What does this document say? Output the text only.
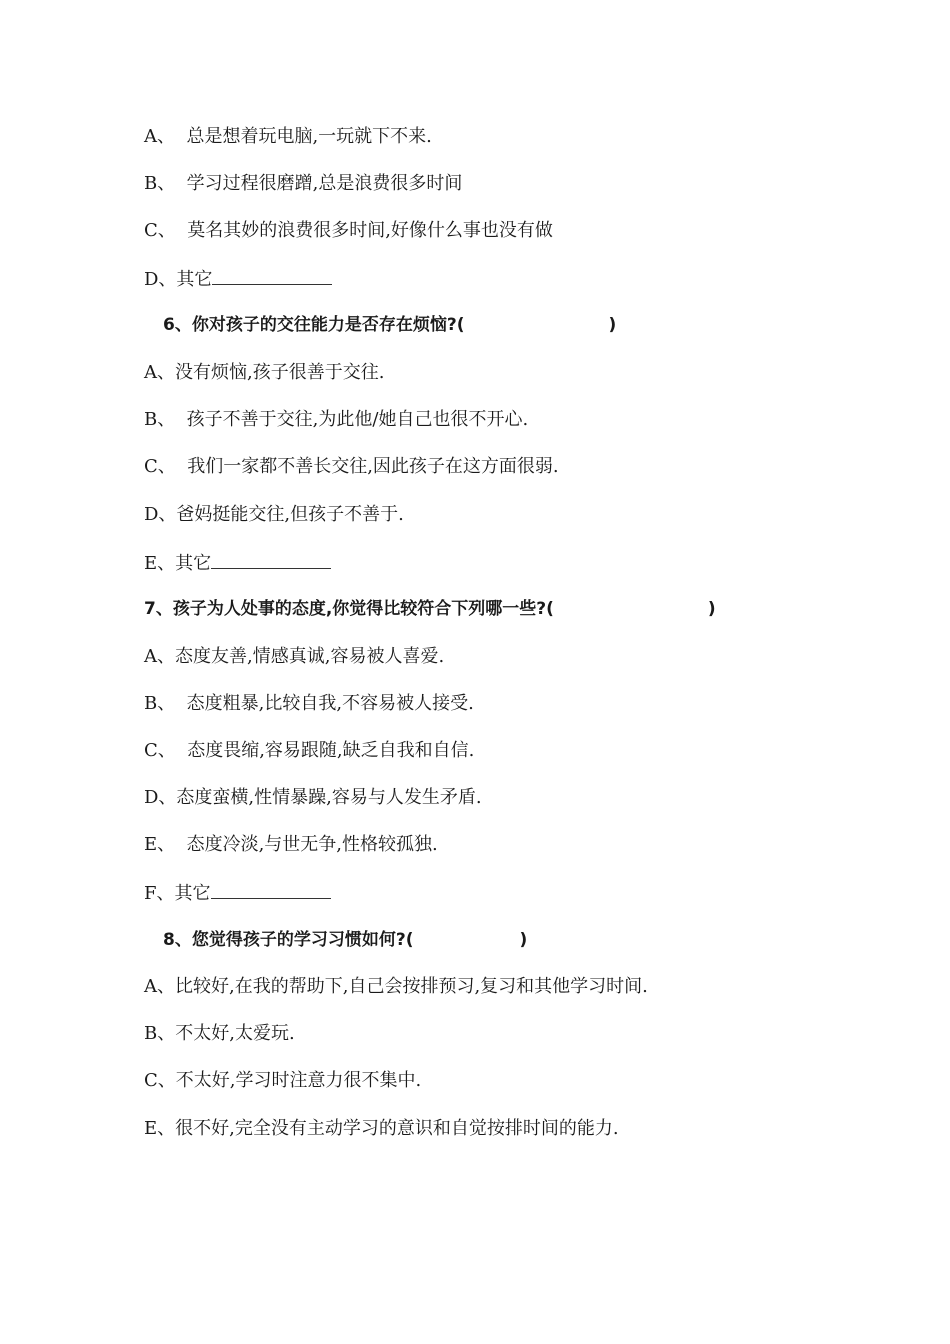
A、  总是想着玩电脑,一玩就下不来.
B、  学习过程很磨蹭,总是浪费很多时间
C、  莫名其妙的浪费很多时间,好像什么事也没有做
D、其它
6、你对孩子的交往能力是否存在烦恼?(	)
A、没有烦恼,孩子很善于交往.
B、  孩子不善于交往,为此他/她自己也很不开心.
C、  我们一家都不善长交往,因此孩子在这方面很弱.
D、爸妈挺能交往,但孩子不善于.
E、其它
7、孩子为人处事的态度,你觉得比较符合下列哪一些?(	)
A、态度友善,情感真诚,容易被人喜爱.
B、  态度粗暴,比较自我,不容易被人接受.
C、  态度畏缩,容易跟随,缺乏自我和自信.
D、态度蛮横,性情暴躁,容易与人发生矛盾.
E、  态度冷淡,与世无争,性格较孤独.
F、其它
8、您觉得孩子的学习习惯如何?(	)
A、比较好,在我的帮助下,自己会按排预习,复习和其他学习时间.
B、不太好,太爱玩.
C、不太好,学习时注意力很不集中.
E、很不好,完全没有主动学习的意识和自觉按排时间的能力.
